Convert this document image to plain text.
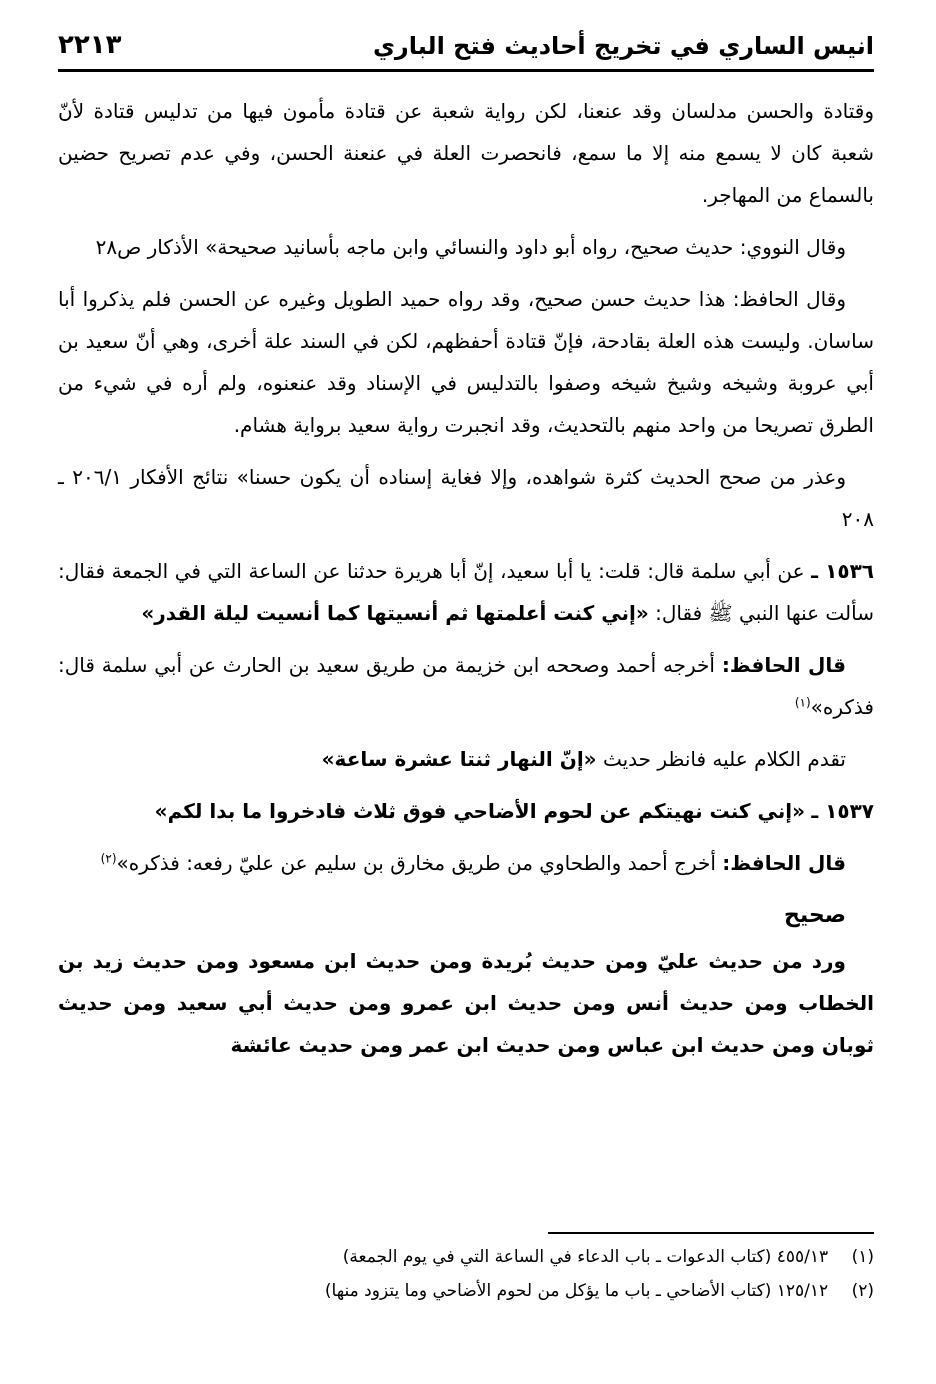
انيس الساري في تخريج أحاديث فتح الباري
٢٢١٣

وقتادة والحسن مدلسان وقد عنعنا، لكن رواية شعبة عن قتادة مأمون فيها من تدليس قتادة لأنّ شعبة كان لا يسمع منه إلا ما سمع، فانحصرت العلة في عنعنة الحسن، وفي عدم تصريح حضين بالسماع من المهاجر.

وقال النووي: حديث صحيح، رواه أبو داود والنسائي وابن ماجه بأسانيد صحيحة» الأذكار ص٢٨

وقال الحافظ: هذا حديث حسن صحيح، وقد رواه حميد الطويل وغيره عن الحسن فلم يذكروا أبا ساسان. وليست هذه العلة بقادحة، فإنّ قتادة أحفظهم، لكن في السند علة أخرى، وهي أنّ سعيد بن أبي عروبة وشيخه وشيخ شيخه وصفوا بالتدليس في الإسناد وقد عنعنوه، ولم أره في شيء من الطرق تصريحا من واحد منهم بالتحديث، وقد انجبرت رواية سعيد برواية هشام.

وعذر من صحح الحديث كثرة شواهده، وإلا فغاية إسناده أن يكون حسنا» نتائج الأفكار ٢٠٦/١ ـ ٢٠٨

١٥٣٦ ـ عن أبي سلمة قال: قلت: يا أبا سعيد، إنّ أبا هريرة حدثنا عن الساعة التي في الجمعة فقال: سألت عنها النبي ﷺ فقال: «إني كنت أعلمتها ثم أنسيتها كما أنسيت ليلة القدر»

قال الحافظ: أخرجه أحمد وصححه ابن خزيمة من طريق سعيد بن الحارث عن أبي سلمة قال: فذكره»$^{(١)}$

تقدم الكلام عليه فانظر حديث «إنّ النهار ثنتا عشرة ساعة»

١٥٣٧ ـ «إني كنت نهيتكم عن لحوم الأضاحي فوق ثلاث فادخروا ما بدا لكم»

قال الحافظ: أخرج أحمد والطحاوي من طريق مخارق بن سليم عن عليّ رفعه: فذكره»$^{(٢)}$

صحيح

ورد من حديث عليّ ومن حديث بُريدة ومن حديث ابن مسعود ومن حديث زيد بن الخطاب ومن حديث أنس ومن حديث ابن عمرو ومن حديث أبي سعيد ومن حديث ثوبان ومن حديث ابن عباس ومن حديث ابن عمر ومن حديث عائشة

(١) ٤٥٥/١٣ (كتاب الدعوات ـ باب الدعاء في الساعة التي في يوم الجمعة)

(٢) ١٢٥/١٢ (كتاب الأضاحي ـ باب ما يؤكل من لحوم الأضاحي وما يتزود منها)
